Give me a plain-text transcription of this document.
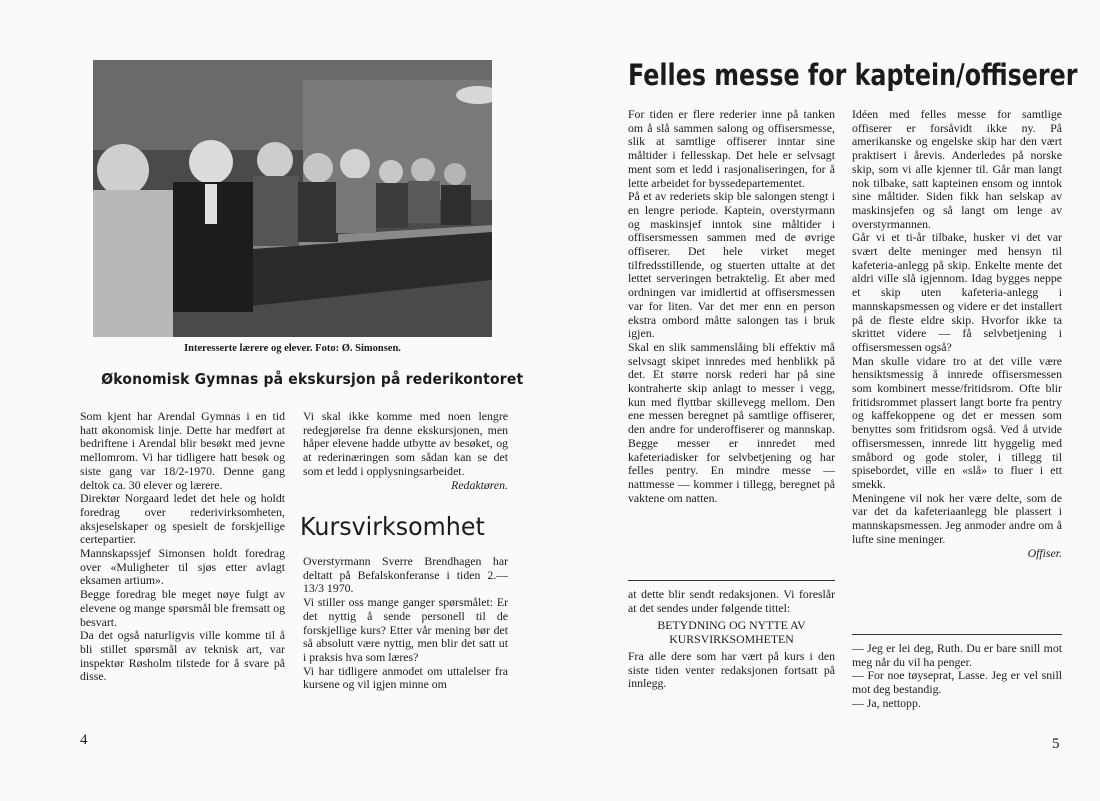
Interesserte lærere og elever. Foto: Ø. Simonsen.
Økonomisk Gymnas på ekskursjon på rederikontoret

Som kjent har Arendal Gymnas i en tid hatt økonomisk linje. Dette har medført at bedriftene i Arendal blir besøkt med jevne mellomrom. Vi har tidligere hatt besøk og siste gang var 18/2-1970. Denne gang deltok ca. 30 elever og lærere.

Direktør Norgaard ledet det hele og holdt foredrag over rederivirksomheten, aksjeselskaper og spesielt de forskjellige certepartier.

Mannskapssjef Simonsen holdt foredrag over «Muligheter til sjøs etter avlagt eksamen artium».

Begge foredrag ble meget nøye fulgt av elevene og mange spørsmål ble fremsatt og besvart.

Da det også naturligvis ville komme til å bli stillet spørsmål av teknisk art, var inspektør Røsholm tilstede for å svare på disse.

Vi skal ikke komme med noen lengre redegjørelse fra denne ekskursjonen, men håper elevene hadde utbytte av besøket, og at rederinæringen som sådan kan se det som et ledd i opplysningsarbeidet.

Redaktøren.
Kursvirksomhet

Overstyrmann Sverre Brendhagen har deltatt på Befalskonferanse i tiden 2.—13/3 1970.

Vi stiller oss mange ganger spørsmålet: Er det nyttig å sende personell til de forskjellige kurs? Etter vår mening bør det så absolutt være nyttig, men blir det satt ut i praksis hva som læres?

Vi har tidligere anmodet om uttalelser fra kursene og vil igjen minne om

4
Felles messe for kaptein/offiserer

For tiden er flere rederier inne på tanken om å slå sammen salong og offisersmesse, slik at samtlige offiserer inntar sine måltider i fellesskap. Det hele er selvsagt ment som et ledd i rasjonaliseringen, for å lette arbeidet for byssedepartementet.

På et av rederiets skip ble salongen stengt i en lengre periode. Kaptein, overstyrmann og maskinsjef inntok sine måltider i offisersmessen sammen med de øvrige offiserer. Det hele virket meget tilfredsstillende, og stuerten uttalte at det lettet serveringen betraktelig. Et aber med ordningen var imidlertid at offisersmessen var for liten. Var det mer enn en person ekstra ombord måtte salongen tas i bruk igjen.

Skal en slik sammenslåing bli effektiv må selvsagt skipet innredes med henblikk på det. Et større norsk rederi har på sine kontraherte skip anlagt to messer i vegg, kun med flyttbar skillevegg mellom. Den ene messen beregnet på samtlige offiserer, den andre for underoffiserer og mannskap. Begge messer er innredet med kafeteriadisker for selvbetjening og har felles pentry. En mindre messe — nattmesse — kommer i tillegg, beregnet på vaktene om natten.

at dette blir sendt redaksjonen. Vi foreslår at det sendes under følgende tittel:

BETYDNING OG NYTTE AV KURSVIRKSOMHETEN

Fra alle dere som har vært på kurs i den siste tiden venter redaksjonen fortsatt på innlegg.

Idéen med felles messe for samtlige offiserer er forsåvidt ikke ny. På amerikanske og engelske skip har den vært praktisert i årevis. Anderledes på norske skip, som vi alle kjenner til. Går man langt nok tilbake, satt kapteinen ensom og inntok sine måltider. Siden fikk han selskap av maskinsjefen og så langt om lenge av overstyrmannen.

Går vi et ti-år tilbake, husker vi det var svært delte meninger med hensyn til kafeteria-anlegg på skip. Enkelte mente det aldri ville slå igjennom. Idag bygges neppe et skip uten kafeteria-anlegg i mannskapsmessen og videre er det installert på de fleste eldre skip. Hvorfor ikke ta skrittet videre — få selvbetjening i offisersmessen også?

Man skulle vidare tro at det ville være hensiktsmessig å innrede offisersmessen som kombinert messe/fritidsrom. Ofte blir fritidsrommet plassert langt borte fra pentry og kaffekoppene og det er messen som benyttes som fritidsrom også. Ved å utvide offisersmessen, innrede litt hyggelig med småbord og gode stoler, i tillegg til spisebordet, ville en «slå» to fluer i ett smekk.

Meningene vil nok her være delte, som de var det da kafeteriaanlegg ble plassert i mannskapsmessen. Jeg anmoder andre om å lufte sine meninger.

Offiser.

— Jeg er lei deg, Ruth. Du er bare snill mot meg når du vil ha penger.

— For noe tøyseprat, Lasse. Jeg er vel snill mot deg bestandig.

— Ja, nettopp.

5
